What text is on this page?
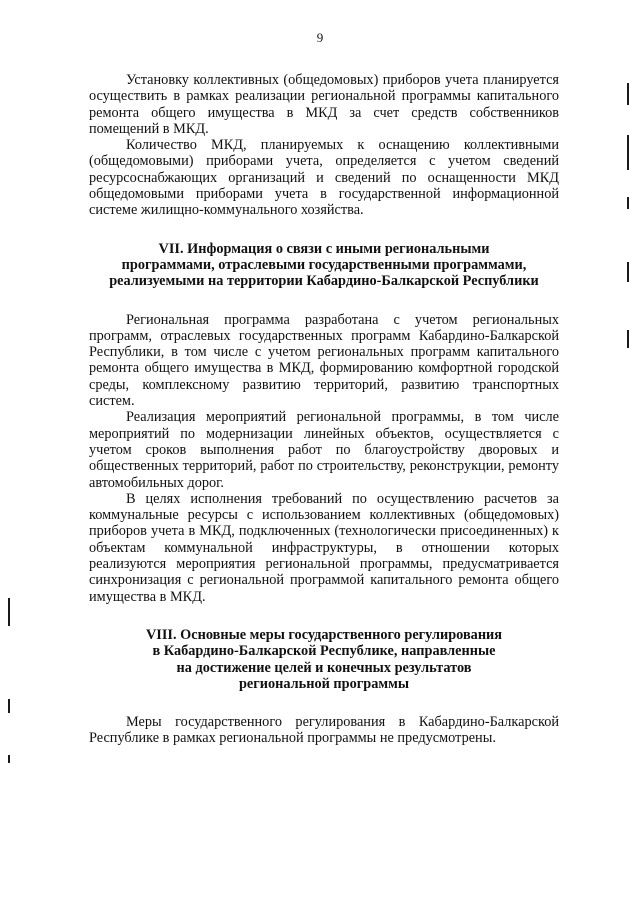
9

Установку коллективных (общедомовых) приборов учета планируется осуществить в рамках реализации региональной программы капитального ремонта общего имущества в МКД за счет средств собственников помещений в МКД.

Количество МКД, планируемых к оснащению коллективными (общедомовыми) приборами учета, определяется с учетом сведений ресурсоснабжающих организаций и сведений по оснащенности МКД общедомовыми приборами учета в государственной информационной системе жилищно-коммунального хозяйства.

VII. Информация о связи с иными региональными
программами, отраслевыми государственными программами,
реализуемыми на территории Кабардино-Балкарской Республики

Региональная программа разработана с учетом региональных программ, отраслевых государственных программ Кабардино-Балкарской Республики, в том числе с учетом региональных программ капитального ремонта общего имущества в МКД, формированию комфортной городской среды, комплексному развитию территорий, развитию транспортных систем.

Реализация мероприятий региональной программы, в том числе мероприятий по модернизации линейных объектов, осуществляется с учетом сроков выполнения работ по благоустройству дворовых и общественных территорий, работ по строительству, реконструкции, ремонту автомобильных дорог.

В целях исполнения требований по осуществлению расчетов за коммунальные ресурсы с использованием коллективных (общедомовых) приборов учета в МКД, подключенных (технологически присоединенных) к объектам коммунальной инфраструктуры, в отношении которых реализуются мероприятия региональной программы, предусматривается синхронизация с региональной программой капитального ремонта общего имущества в МКД.

VIII. Основные меры государственного регулирования
в Кабардино-Балкарской Республике, направленные
на достижение целей и конечных результатов
региональной программы

Меры государственного регулирования в Кабардино-Балкарской Республике в рамках региональной программы не предусмотрены.
